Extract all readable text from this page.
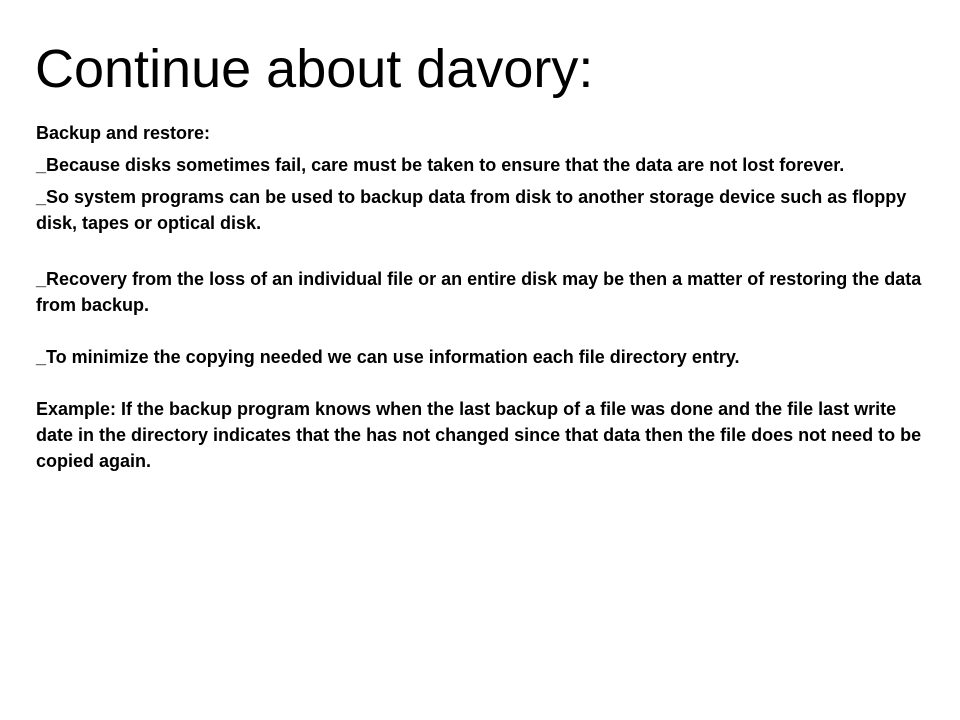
Continue about davory:

Backup and restore:

_Because disks sometimes fail, care must be taken to ensure that the data are not lost forever.

_So system programs can be used to backup data from disk to another storage device such as floppy disk, tapes or optical disk.

_Recovery from the loss of an individual file or an entire disk may be then a matter of restoring the data from backup.

_To minimize the copying needed we can use information each file directory entry.

Example: If the backup program knows when the last backup of a file was done and the file last write date in the directory indicates that the has not changed since that data then the file does not need to be copied again.
